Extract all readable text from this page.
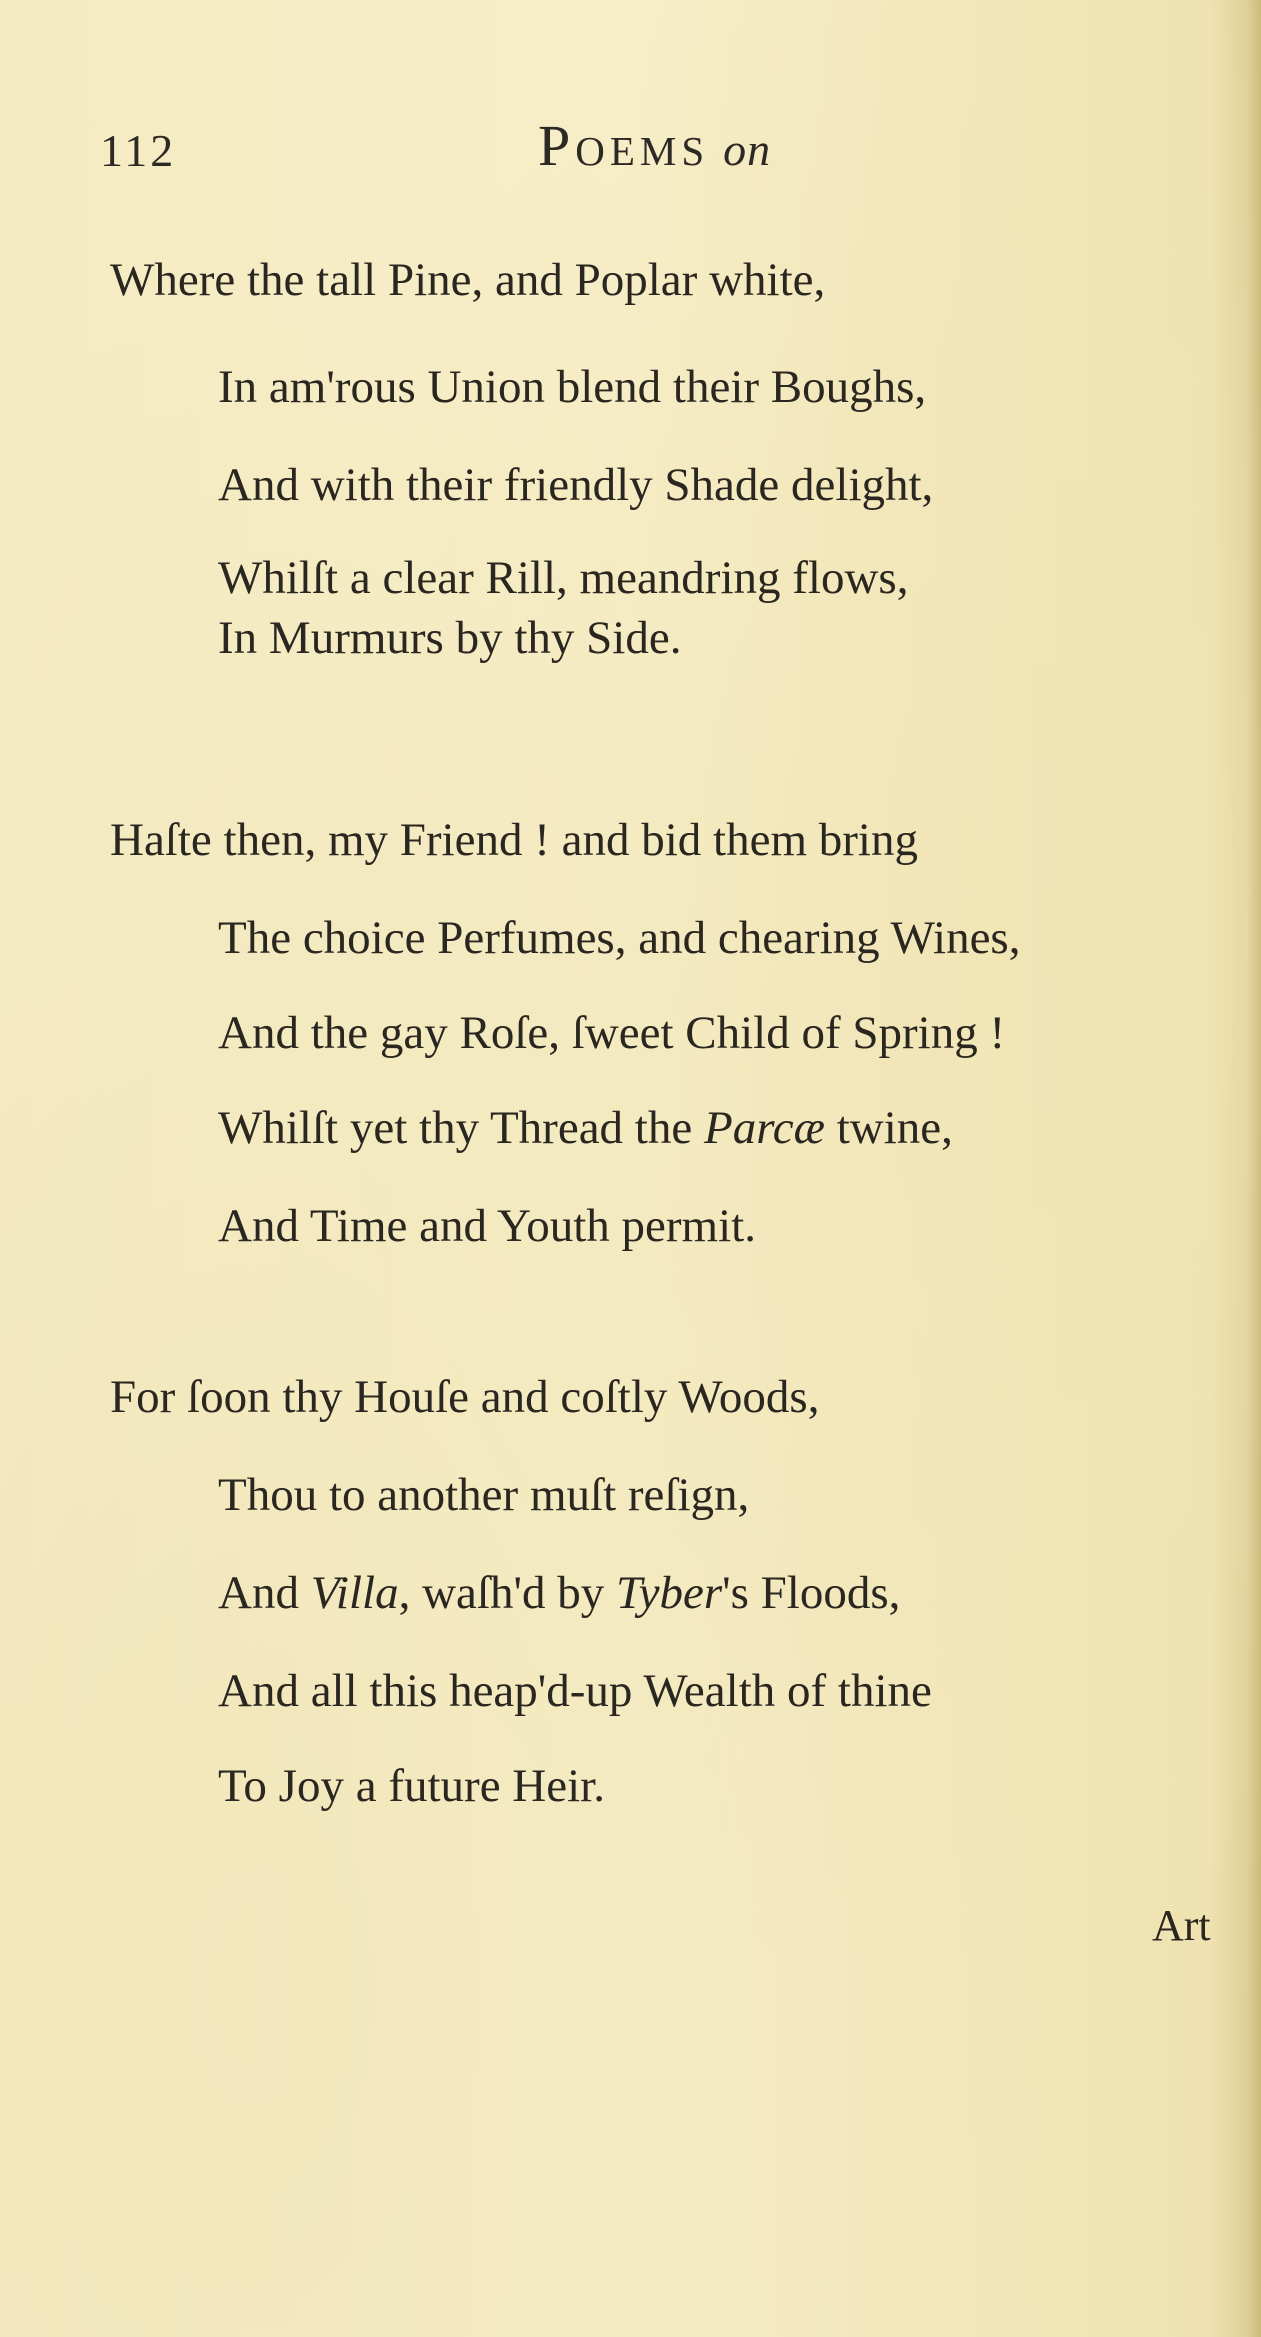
112	Poems on
Where the tall Pine, and Poplar white,
In am'rous Union blend their Boughs,
And with their friendly Shade delight,
Whilſt a clear Rill, meandring flows,
In Murmurs by thy Side.
Haſte then, my Friend ! and bid them bring
The choice Perfumes, and chearing Wines,
And the gay Roſe, ſweet Child of Spring !
Whilſt yet thy Thread the Parcæ twine,
And Time and Youth permit.
For ſoon thy Houſe and coſtly Woods,
Thou to another muſt reſign,
And Villa, waſh'd by Tyber's Floods,
And all this heap'd-up Wealth of thine
To Joy a future Heir.
Art
